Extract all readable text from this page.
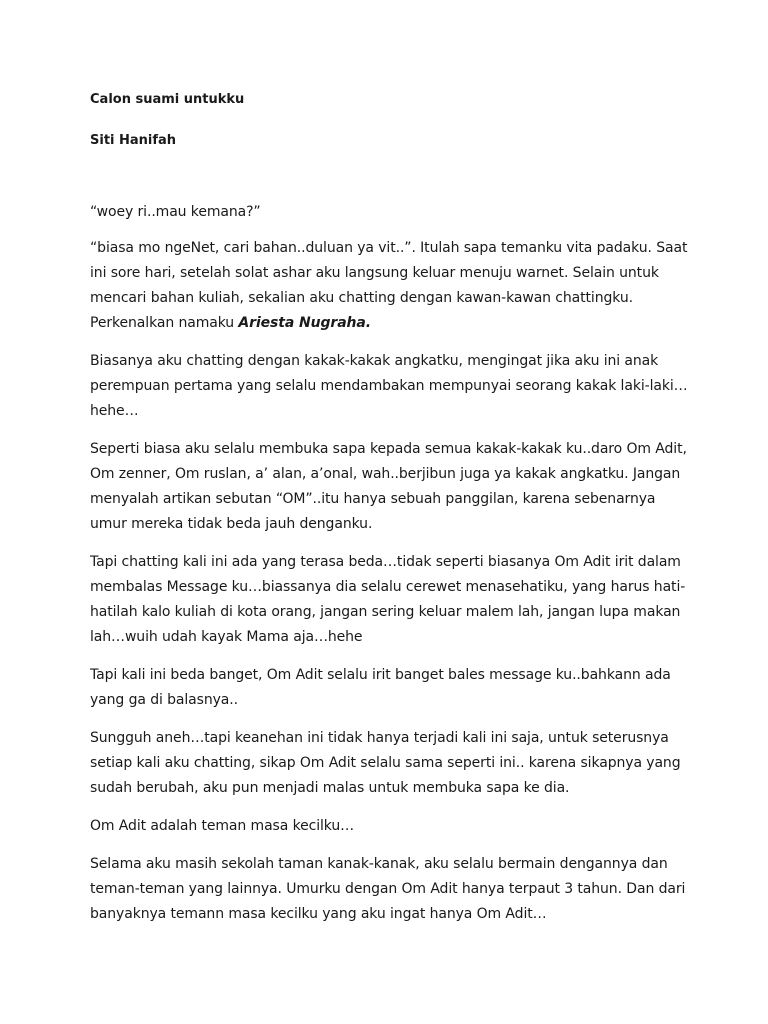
Calon suami untukku

Siti Hanifah

“woey ri..mau kemana?”

“biasa mo ngeNet, cari bahan..duluan ya vit..”. Itulah sapa temanku vita padaku. Saat ini sore hari, setelah solat ashar aku langsung keluar menuju warnet. Selain untuk mencari bahan kuliah, sekalian aku chatting dengan kawan-kawan chattingku. Perkenalkan namaku Ariesta Nugraha.

Biasanya aku chatting dengan kakak-kakak angkatku, mengingat jika aku ini anak perempuan pertama yang selalu mendambakan mempunyai seorang kakak laki-laki…hehe…

Seperti biasa aku selalu membuka sapa kepada semua kakak-kakak ku..daro Om Adit, Om zenner, Om ruslan, a’ alan, a’onal, wah..berjibun juga ya kakak angkatku. Jangan menyalah artikan sebutan “OM”..itu hanya sebuah panggilan, karena sebenarnya umur mereka tidak beda jauh denganku.

Tapi chatting kali ini ada yang terasa beda…tidak seperti biasanya Om Adit irit dalam membalas Message ku…biassanya dia selalu cerewet menasehatiku, yang harus hati-hatilah kalo kuliah di kota orang, jangan sering keluar malem lah, jangan lupa makan lah…wuih udah kayak Mama aja…hehe

Tapi kali ini beda banget, Om Adit selalu irit banget bales message ku..bahkann ada yang ga di balasnya..

Sungguh aneh…tapi keanehan ini tidak hanya terjadi kali ini saja, untuk seterusnya setiap kali aku chatting, sikap Om Adit selalu sama seperti ini.. karena sikapnya yang sudah berubah, aku pun menjadi malas untuk membuka sapa ke dia.

Om Adit adalah teman masa kecilku…

Selama aku masih sekolah taman kanak-kanak, aku selalu bermain dengannya dan teman-teman yang lainnya. Umurku dengan Om Adit hanya terpaut 3 tahun. Dan dari banyaknya temann masa kecilku yang aku ingat hanya Om Adit…
